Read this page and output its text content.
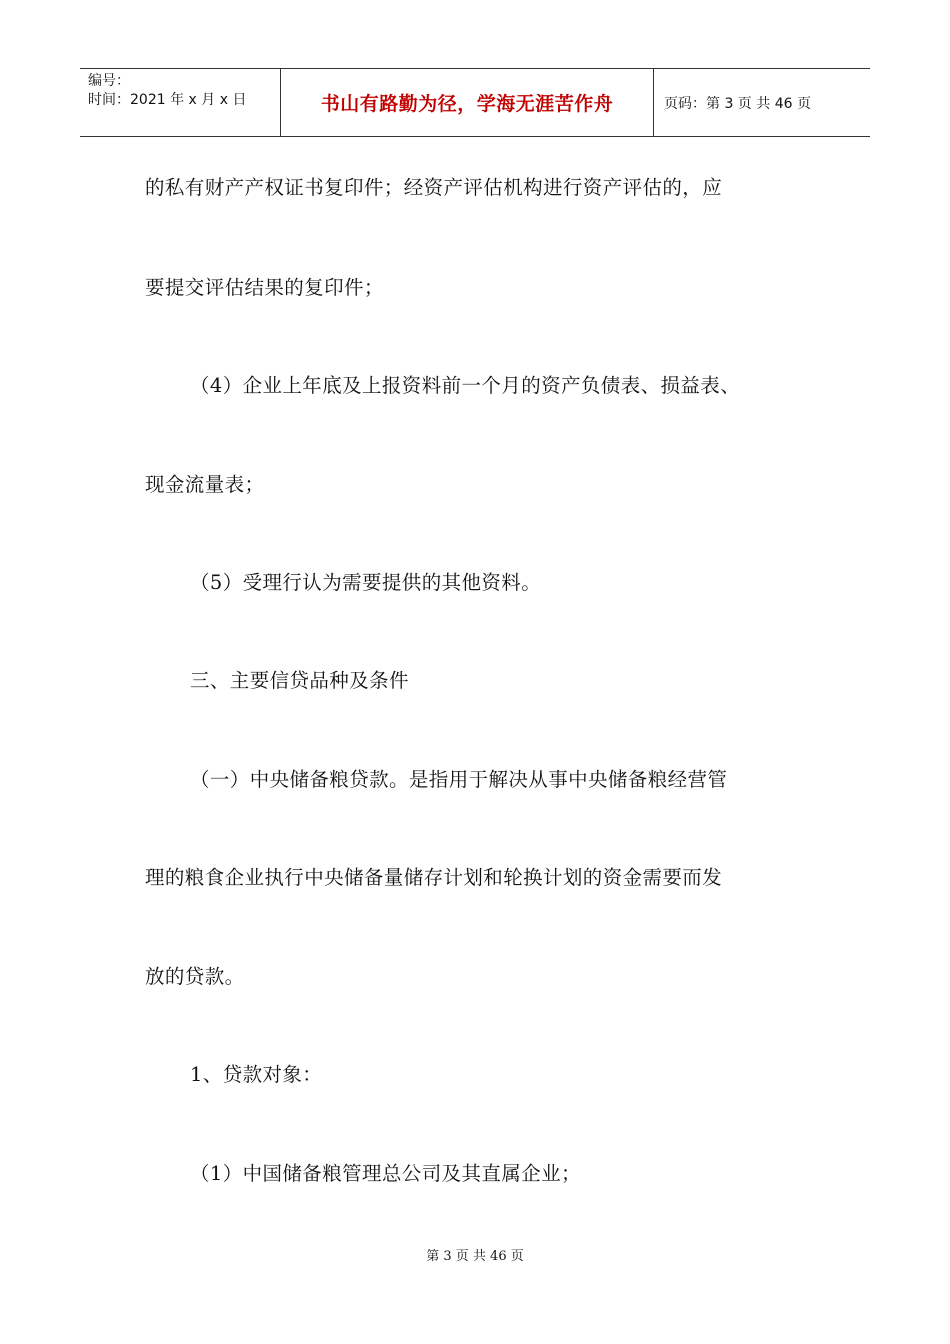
编号：
时间：2021 年 x 月 x 日	书山有路勤为径，学海无涯苦作舟	页码：第 3 页 共 46 页

的私有财产产权证书复印件；经资产评估机构进行资产评估的，应

要提交评估结果的复印件；

（4）企业上年底及上报资料前一个月的资产负债表、损益表、

现金流量表；

（5）受理行认为需要提供的其他资料。

三、主要信贷品种及条件

（一）中央储备粮贷款。是指用于解决从事中央储备粮经营管

理的粮食企业执行中央储备量储存计划和轮换计划的资金需要而发

放的贷款。

1、贷款对象：

（1）中国储备粮管理总公司及其直属企业；

第 3 页 共 46 页
